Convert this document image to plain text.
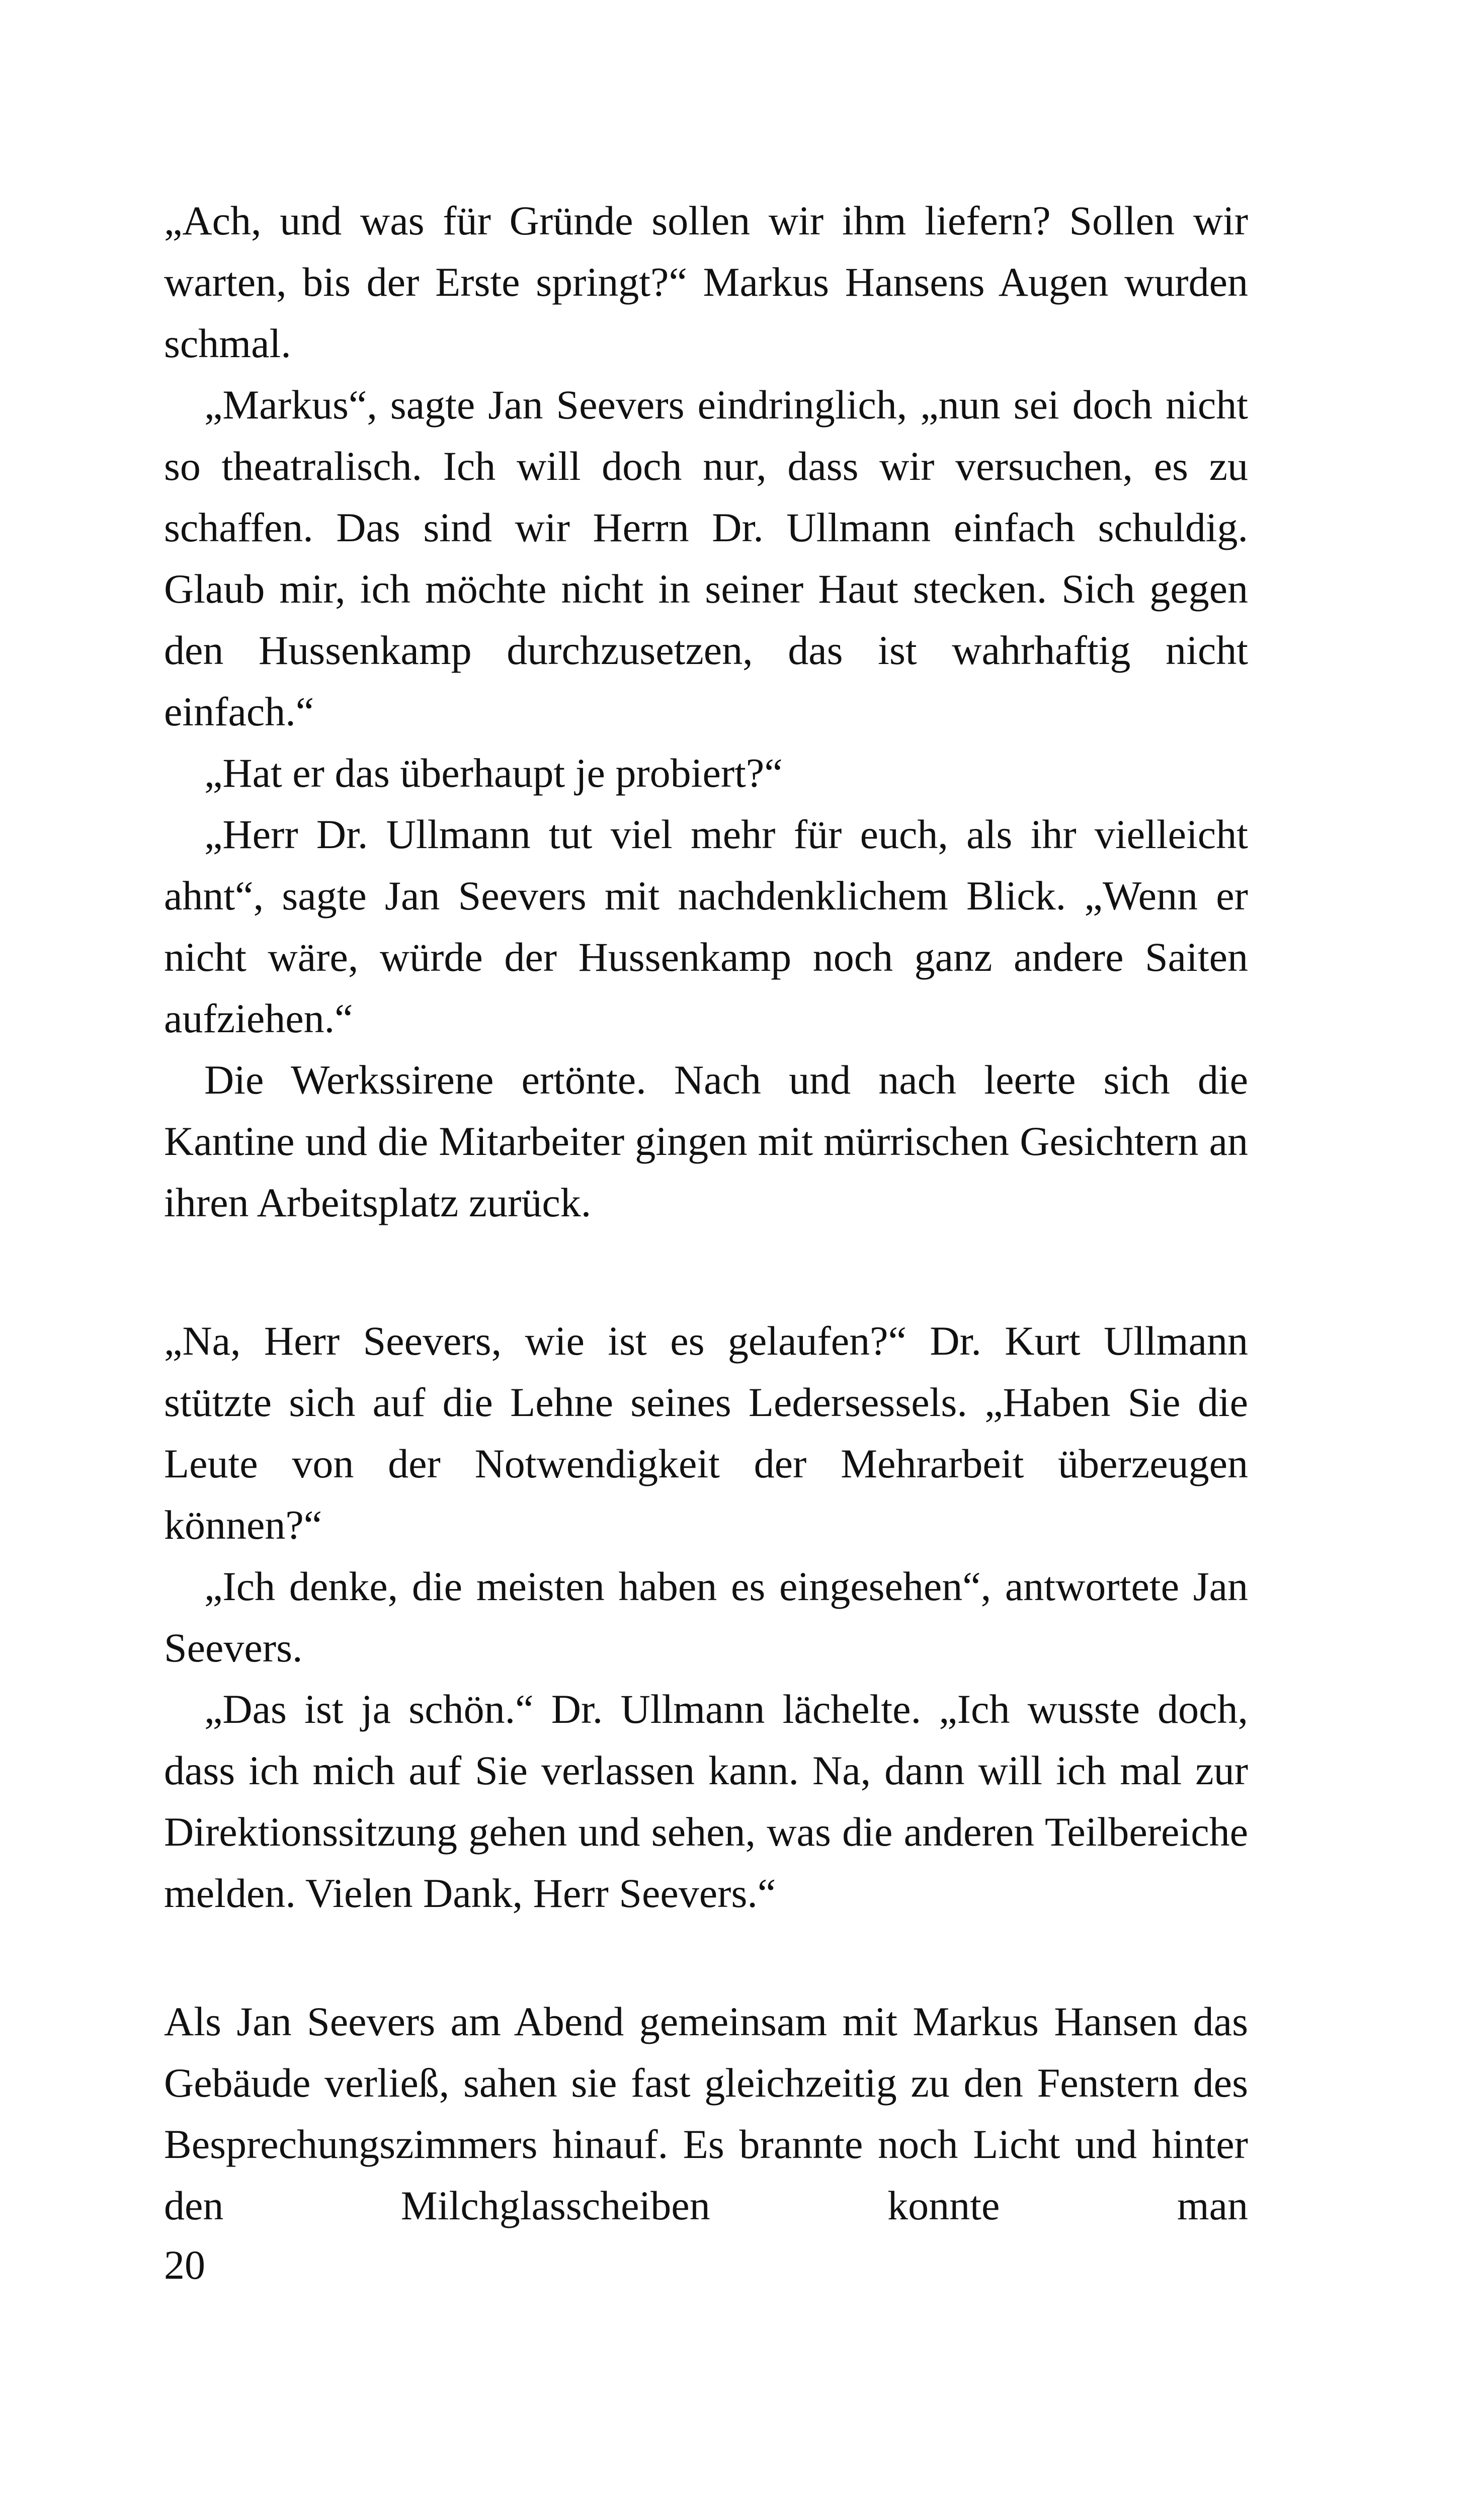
„Ach, und was für Gründe sollen wir ihm liefern? Sollen wir warten, bis der Erste springt?“ Markus Hansens Augen wurden schmal.

„Markus“, sagte Jan Seevers eindringlich, „nun sei doch nicht so theatralisch. Ich will doch nur, dass wir versuchen, es zu schaffen. Das sind wir Herrn Dr. Ullmann einfach schuldig. Glaub mir, ich möchte nicht in seiner Haut stecken. Sich gegen den Hussenkamp durchzusetzen, das ist wahrhaftig nicht einfach.“

„Hat er das überhaupt je probiert?“

„Herr Dr. Ullmann tut viel mehr für euch, als ihr vielleicht ahnt“, sagte Jan Seevers mit nachdenklichem Blick. „Wenn er nicht wäre, würde der Hussenkamp noch ganz andere Saiten aufziehen.“

Die Werkssirene ertönte. Nach und nach leerte sich die Kantine und die Mitarbeiter gingen mit mürrischen Gesichtern an ihren Arbeitsplatz zurück.

„Na, Herr Seevers, wie ist es gelaufen?“ Dr. Kurt Ullmann stützte sich auf die Lehne seines Ledersessels. „Haben Sie die Leute von der Notwendigkeit der Mehrarbeit überzeugen können?“

„Ich denke, die meisten haben es eingesehen“, antwortete Jan Seevers.

„Das ist ja schön.“ Dr. Ullmann lächelte. „Ich wusste doch, dass ich mich auf Sie verlassen kann. Na, dann will ich mal zur Direktionssitzung gehen und sehen, was die anderen Teilbereiche melden. Vielen Dank, Herr Seevers.“

Als Jan Seevers am Abend gemeinsam mit Markus Hansen das Gebäude verließ, sahen sie fast gleichzeitig zu den Fenstern des Besprechungszimmers hinauf. Es brannte noch Licht und hinter den Milchglasscheiben konnte man

20
